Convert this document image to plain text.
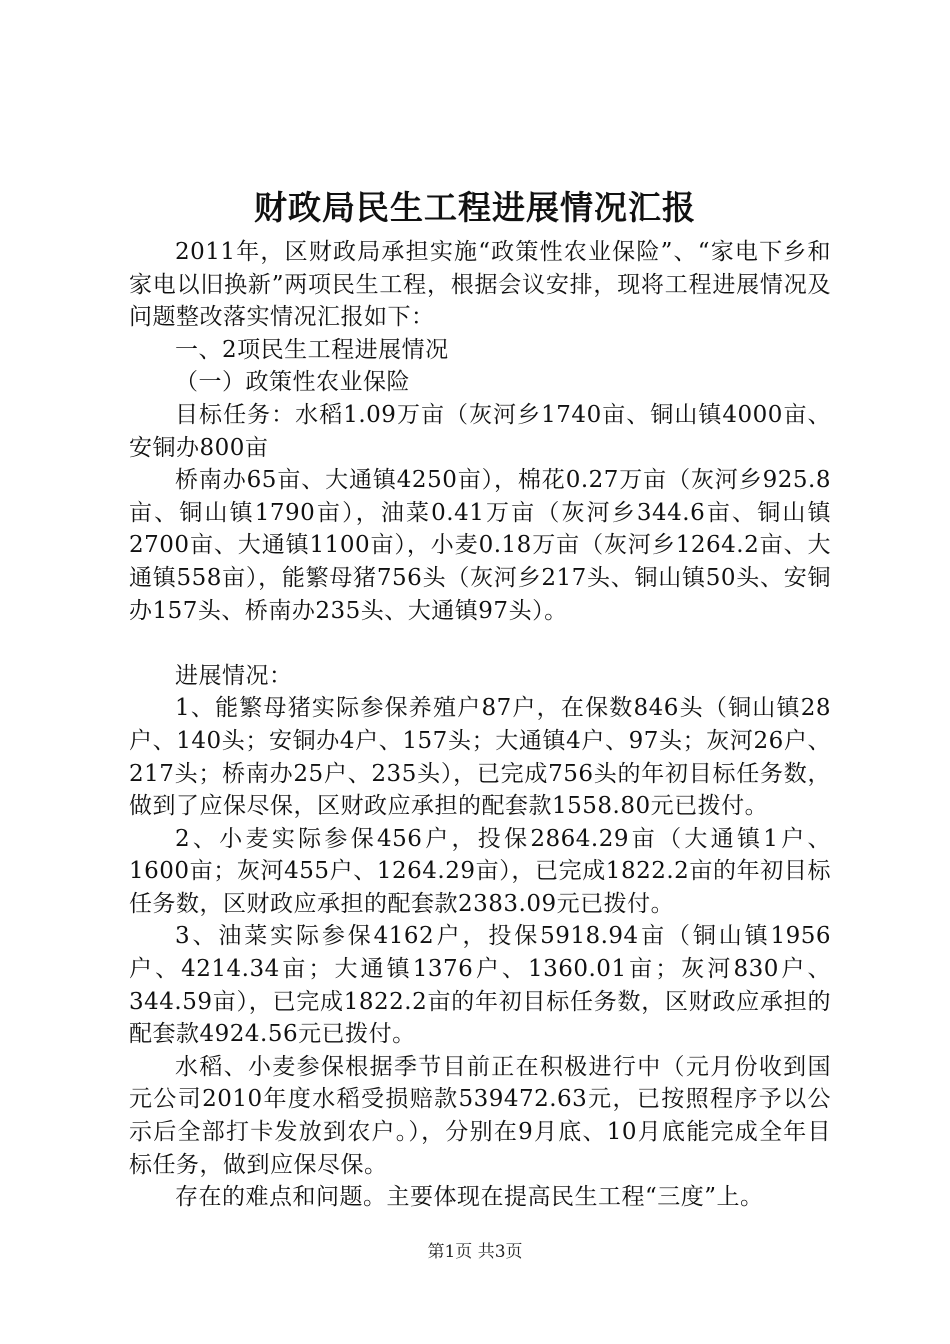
财政局民生工程进展情况汇报

2011年，区财政局承担实施“政策性农业保险”、“家电下乡和家电以旧换新”两项民生工程，根据会议安排，现将工程进展情况及问题整改落实情况汇报如下：

一、2项民生工程进展情况

（一）政策性农业保险

目标任务：水稻1.09万亩（灰河乡1740亩、铜山镇4000亩、安铜办800亩

桥南办65亩、大通镇4250亩），棉花0.27万亩（灰河乡925.8亩、铜山镇1790亩），油菜0.41万亩（灰河乡344.6亩、铜山镇2700亩、大通镇1100亩），小麦0.18万亩（灰河乡1264.2亩、大通镇558亩），能繁母猪756头（灰河乡217头、铜山镇50头、安铜办157头、桥南办235头、大通镇97头）。

进展情况：

1、能繁母猪实际参保养殖户87户，在保数846头（铜山镇28户、140头；安铜办4户、157头；大通镇4户、97头；灰河26户、217头；桥南办25户、235头），已完成756头的年初目标任务数，做到了应保尽保，区财政应承担的配套款1558.80元已拨付。

2、小麦实际参保456户，投保2864.29亩（大通镇1户、1600亩；灰河455户、1264.29亩），已完成1822.2亩的年初目标任务数，区财政应承担的配套款2383.09元已拨付。

3、油菜实际参保4162户，投保5918.94亩（铜山镇1956户、4214.34亩；大通镇1376户、1360.01亩；灰河830户、344.59亩），已完成1822.2亩的年初目标任务数，区财政应承担的配套款4924.56元已拨付。

水稻、小麦参保根据季节目前正在积极进行中（元月份收到国元公司2010年度水稻受损赔款539472.63元，已按照程序予以公示后全部打卡发放到农户。），分别在9月底、10月底能完成全年目标任务，做到应保尽保。

存在的难点和问题。主要体现在提高民生工程“三度”上。

第1页 共3页
